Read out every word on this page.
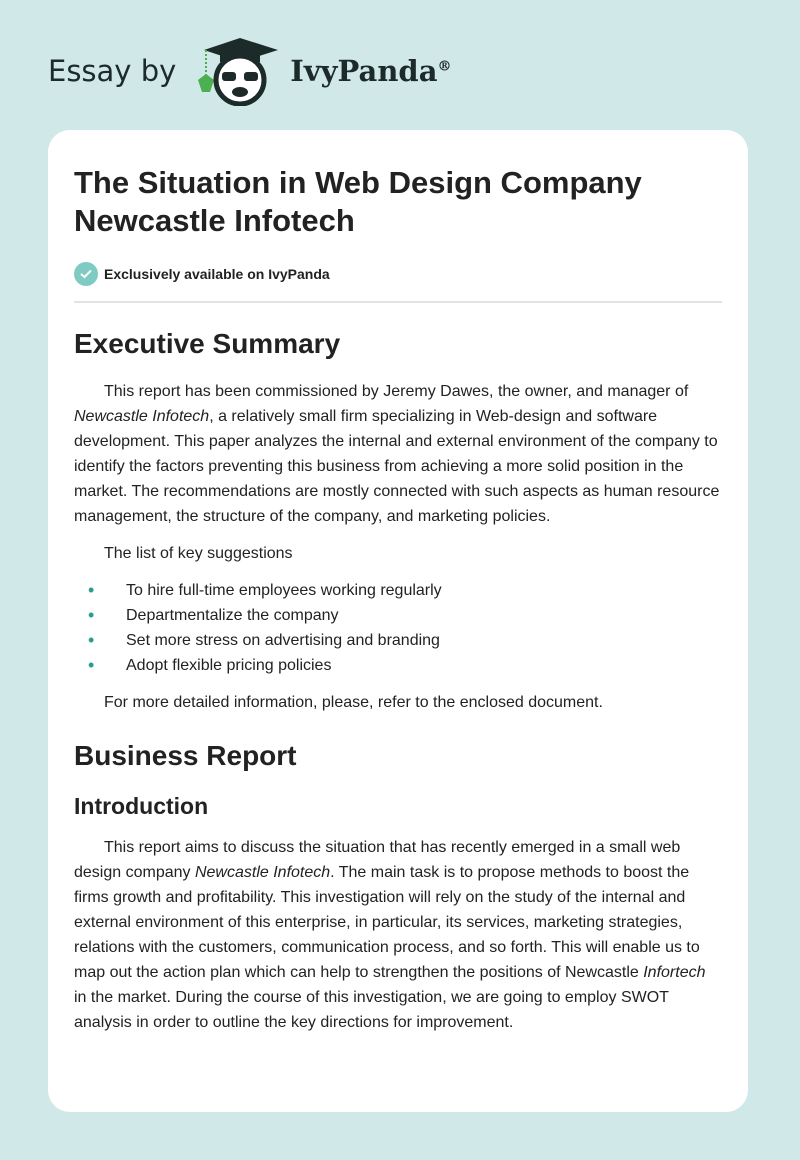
Essay by	IvyPanda®
The Situation in Web Design Company Newcastle Infotech
Exclusively available on IvyPanda
Executive Summary

This report has been commissioned by Jeremy Dawes, the owner, and manager of Newcastle Infotech, a relatively small firm specializing in Web-design and software development. This paper analyzes the internal and external environment of the company to identify the factors preventing this business from achieving a more solid position in the market. The recommendations are mostly connected with such aspects as human resource management, the structure of the company, and marketing policies.

The list of key suggestions

• To hire full-time employees working regularly
• Departmentalize the company
• Set more stress on advertising and branding
• Adopt flexible pricing policies

For more detailed information, please, refer to the enclosed document.

Business Report
Introduction

This report aims to discuss the situation that has recently emerged in a small web design company Newcastle Infotech. The main task is to propose methods to boost the firms growth and profitability. This investigation will rely on the study of the internal and external environment of this enterprise, in particular, its services, marketing strategies, relations with the customers, communication process, and so forth. This will enable us to map out the action plan which can help to strengthen the positions of Newcastle Infortech in the market. During the course of this investigation, we are going to employ SWOT analysis in order to outline the key directions for improvement.
